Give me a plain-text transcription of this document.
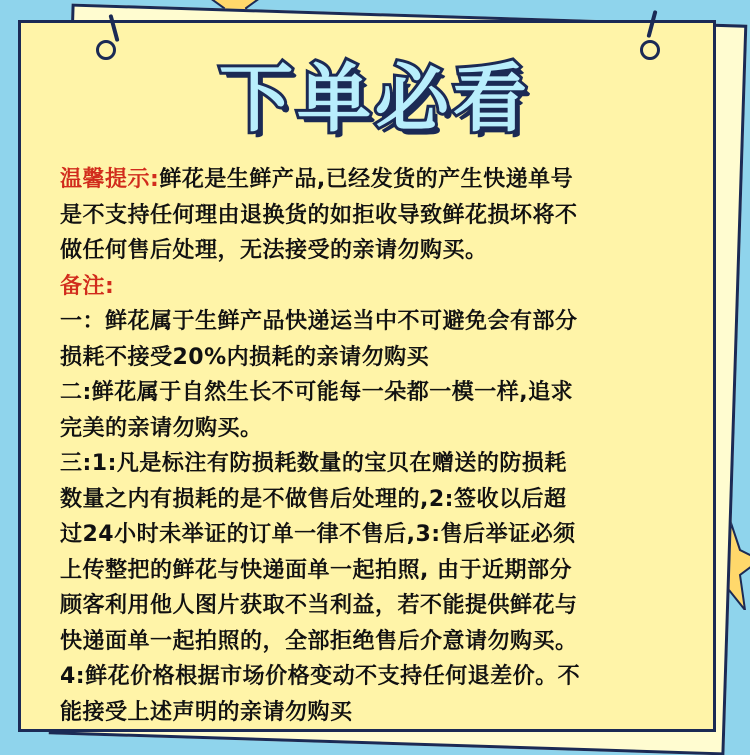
下单必看
温馨提示:鲜花是生鲜产品,已经发货的产生快递单号
是不支持任何理由退换货的如拒收导致鲜花损坏将不
做任何售后处理，无法接受的亲请勿购买。
备注:
一：鲜花属于生鲜产品快递运当中不可避免会有部分
损耗不接受20%内损耗的亲请勿购买
二:鲜花属于自然生长不可能每一朵都一模一样,追求
完美的亲请勿购买。
三:1:凡是标注有防损耗数量的宝贝在赠送的防损耗
数量之内有损耗的是不做售后处理的,2:签收以后超
过24小时未举证的订单一律不售后,3:售后举证必须
上传整把的鲜花与快递面单一起拍照, 由于近期部分
顾客利用他人图片获取不当利益，若不能提供鲜花与
快递面单一起拍照的，全部拒绝售后介意请勿购买。
4:鲜花价格根据市场价格变动不支持任何退差价。不
能接受上述声明的亲请勿购买
